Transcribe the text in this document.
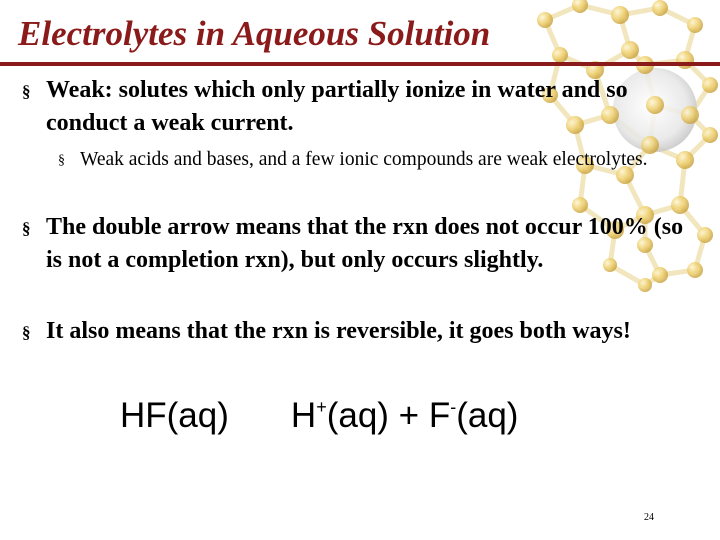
Electrolytes in Aqueous Solution
§ Weak: solutes which only partially ionize in water and so conduct a weak current.
§ Weak acids and bases, and a few ionic compounds are weak electrolytes.
§ The double arrow means that the rxn does not occur 100% (so is not a completion rxn), but only occurs slightly.
§ It also means that the rxn is reversible, it goes both ways!
HF(aq) H+(aq) + F-(aq)
24
